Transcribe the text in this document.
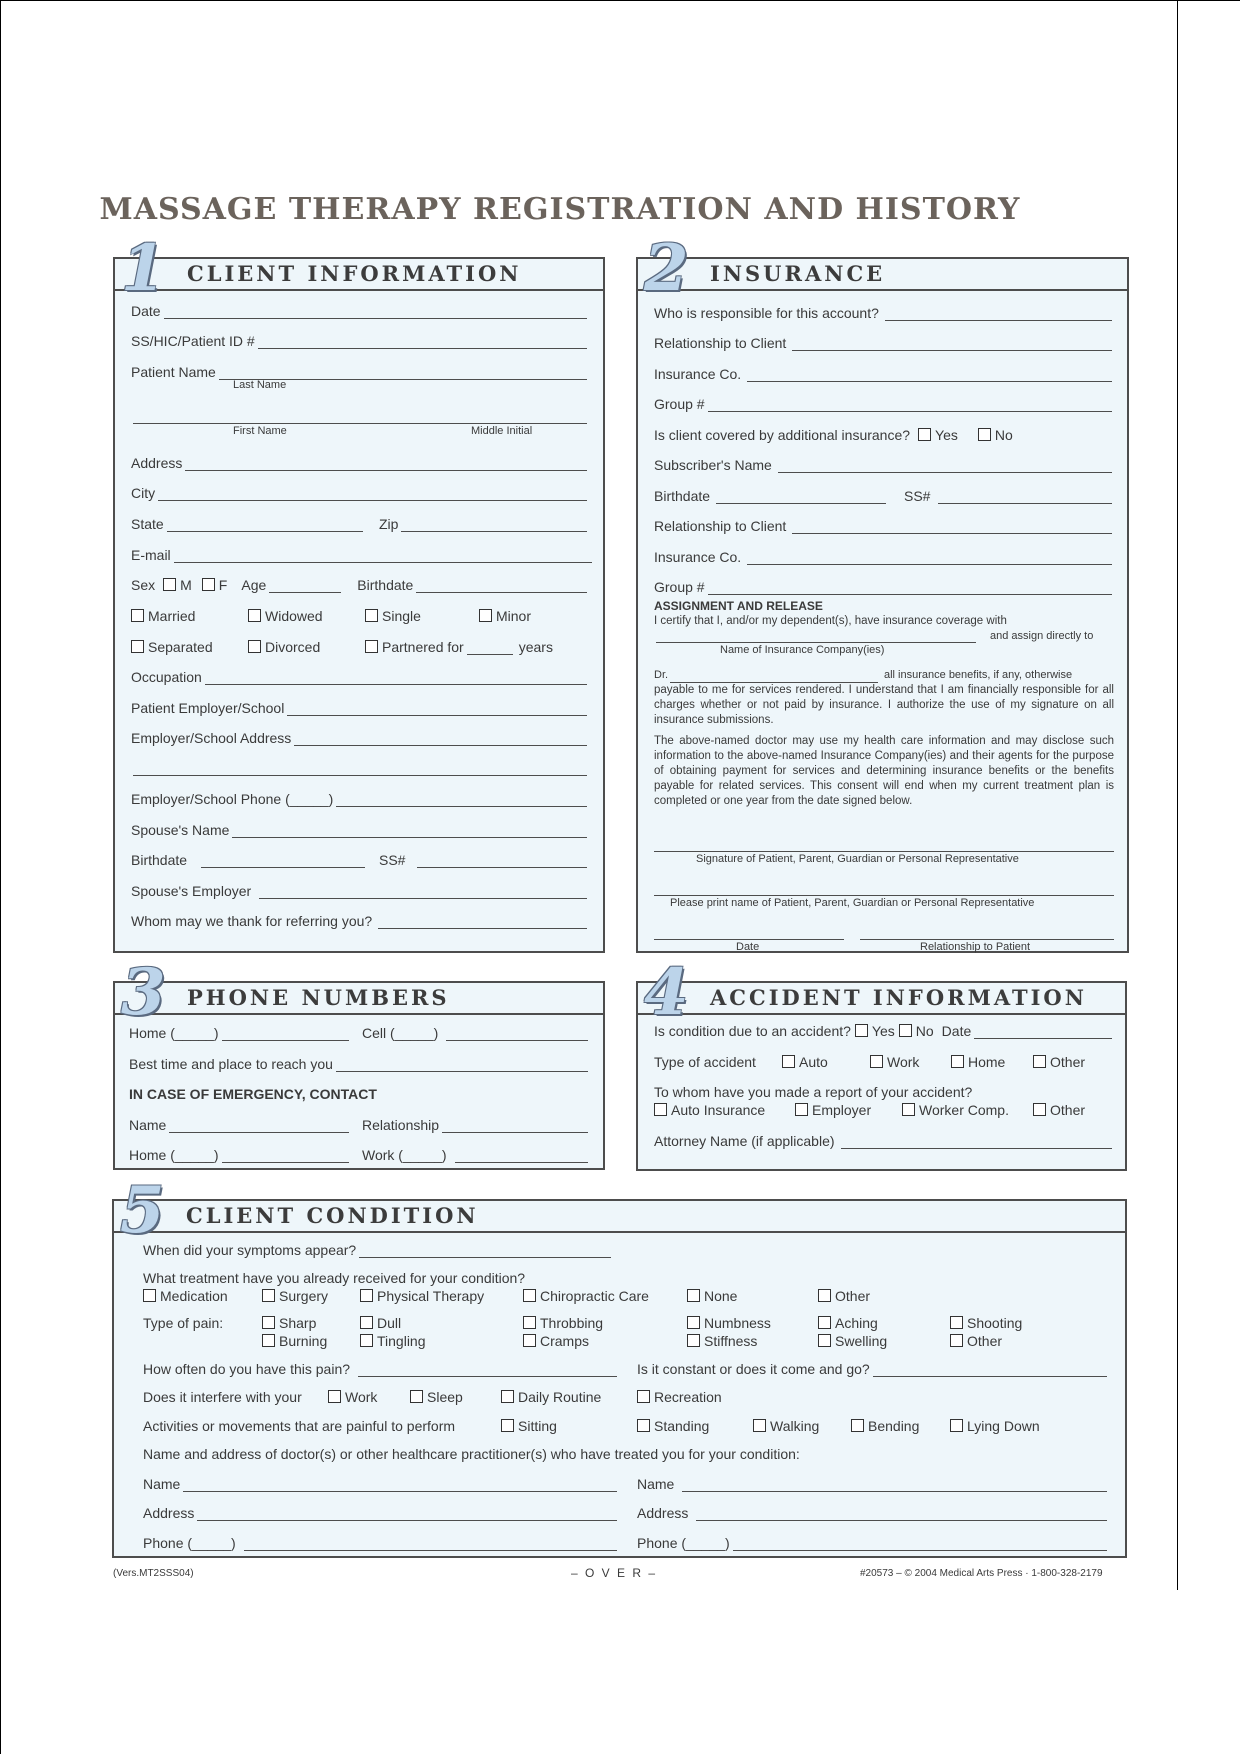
MASSAGE THERAPY REGISTRATION AND HISTORY
1 CLIENT INFORMATION
Date
SS/HIC/Patient ID #
Patient Name
Last Name
First Name	Middle Initial
Address
City
State	Zip
E-mail
Sex M F Age	Birthdate
Married	Widowed	Single	Minor
Separated	Divorced	Partnered for	years
Occupation
Patient Employer/School
Employer/School Address
Employer/School Phone (_____)
Spouse's Name
Birthdate	SS#
Spouse's Employer
Whom may we thank for referring you?
2 INSURANCE
Who is responsible for this account?
Relationship to Client
Insurance Co.
Group #
Is client covered by additional insurance? Yes	No
Subscriber's Name
Birthdate	SS#
Relationship to Client
Insurance Co.
Group #
ASSIGNMENT AND RELEASE
I certify that I, and/or my dependent(s), have insurance coverage with
and assign directly to
Name of Insurance Company(ies)
Dr.	all insurance benefits, if any, otherwise
payable to me for services rendered. I understand that I am financially responsible for all charges whether or not paid by insurance. I authorize the use of my signature on all insurance submissions.
The above-named doctor may use my health care information and may disclose such information to the above-named Insurance Company(ies) and their agents for the purpose of obtaining payment for services and determining insurance benefits or the benefits payable for related services. This consent will end when my current treatment plan is completed or one year from the date signed below.
Signature of Patient, Parent, Guardian or Personal Representative
Please print name of Patient, Parent, Guardian or Personal Representative
Date	Relationship to Patient
3 PHONE NUMBERS
Home (_____)	Cell (_____)
Best time and place to reach you
IN CASE OF EMERGENCY, CONTACT
Name	Relationship
Home (_____)	Work (_____)
4 ACCIDENT INFORMATION
Is condition due to an accident? Yes No Date
Type of accident	Auto	Work	Home	Other
To whom have you made a report of your accident?
Auto Insurance	Employer	Worker Comp.	Other
Attorney Name (if applicable)
5 CLIENT CONDITION
When did your symptoms appear?
What treatment have you already received for your condition?
Medication	Surgery	Physical Therapy	Chiropractic Care	None	Other
Type of pain:	Sharp	Dull	Throbbing	Numbness	Aching	Shooting
Burning	Tingling	Cramps	Stiffness	Swelling	Other
How often do you have this pain?	Is it constant or does it come and go?
Does it interfere with your	Work	Sleep	Daily Routine	Recreation
Activities or movements that are painful to perform	Sitting	Standing	Walking	Bending	Lying Down
Name and address of doctor(s) or other healthcare practitioner(s) who have treated you for your condition:
Name	Name
Address	Address
Phone (_____)	Phone (_____)
(Vers.MT2SSS04)	– O V E R –	#20573 – © 2004 Medical Arts Press · 1-800-328-2179
